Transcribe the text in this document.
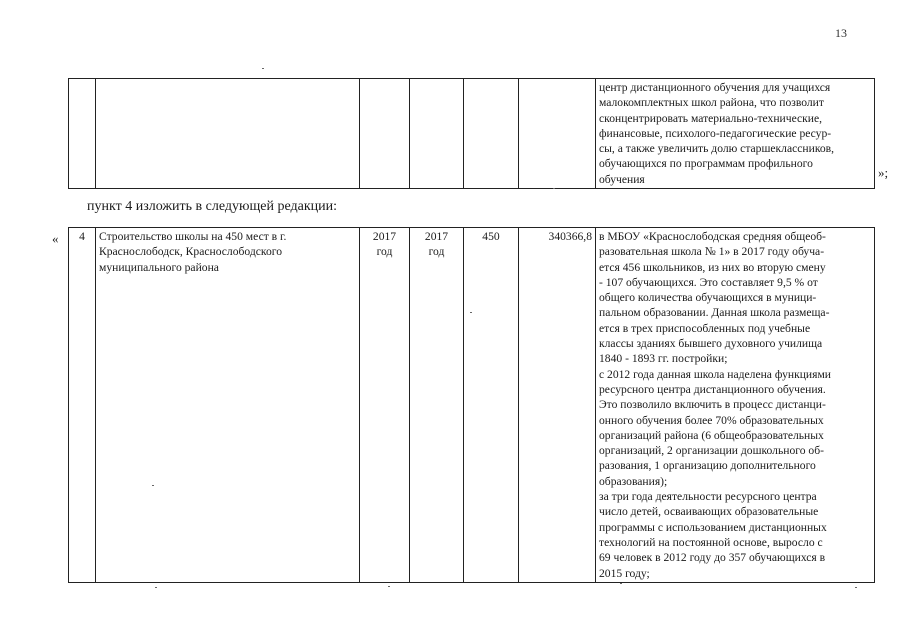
13
						центр дистанционного обучения для учащихся
малокомплектных школ района, что позволит
сконцентрировать материально-технические,
финансовые, психолого-педагогические ресур-
сы, а также увеличить долю старшеклассников,
обучающихся по программам профильного
обучения	»;
пункт 4 изложить в следующей редакции:
« 4	Строительство школы на 450 мест в г. Краснослободск, Краснослободского муниципального района	2017
год	2017
год	450	340366,8	в МБОУ «Краснослободская средняя общеоб-
разовательная школа № 1» в 2017 году обуча-
ется 456 школьников, из них во вторую смену
- 107 обучающихся. Это составляет 9,5 % от
общего количества обучающихся в муници-
пальном образовании. Данная школа размеща-
ется в трех приспособленных под учебные
классы зданиях бывшего духовного училища
1840 - 1893 гг. постройки;
с 2012 года данная школа наделена функциями
ресурсного центра дистанционного обучения.
Это позволило включить в процесс дистанци-
онного обучения более 70% образовательных
организаций района (6 общеобразовательных
организаций, 2 организации дошкольного об-
разования, 1 организацию дополнительного
образования);
за три года деятельности ресурсного центра
число детей, осваивающих образовательные
программы с использованием дистанционных
технологий на постоянной основе, выросло с
69 человек в 2012 году до 357 обучающихся в
2015 году;
